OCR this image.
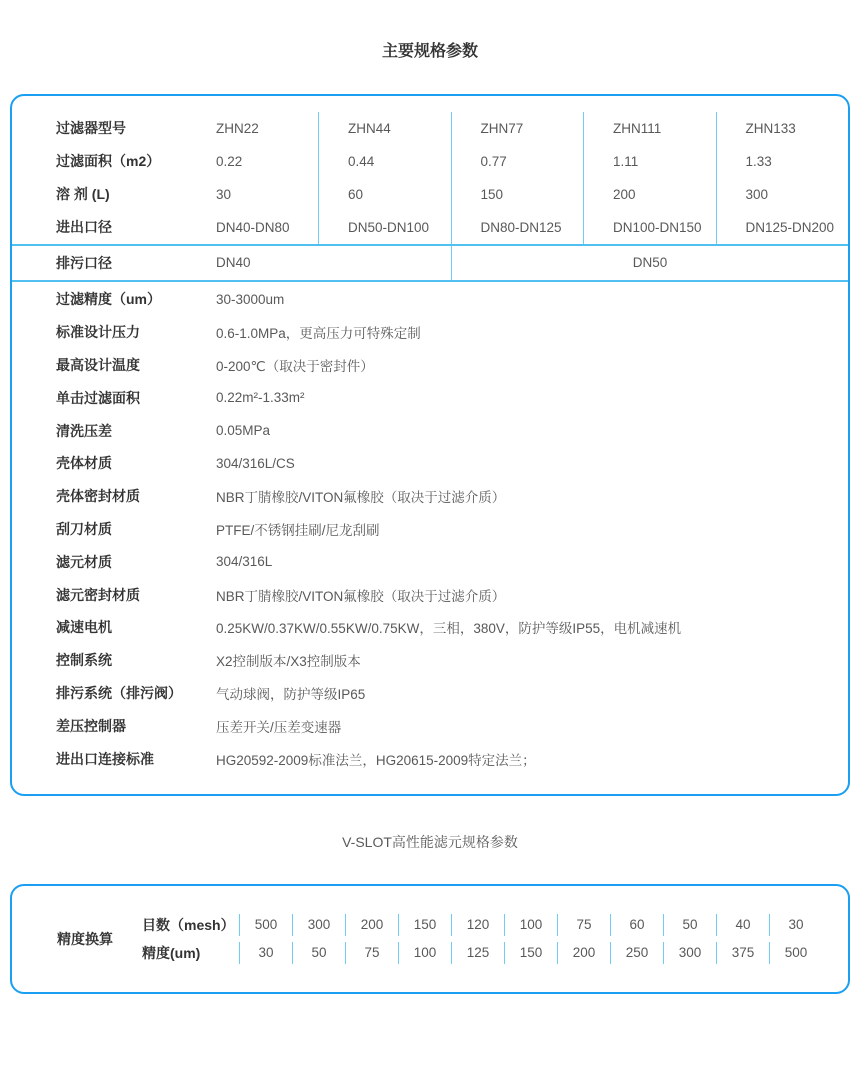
主要规格参数
过滤器型号	ZHN22	ZHN44	ZHN77	ZHN111	ZHN133
过滤面积（m2）	0.22	0.44	0.77	1.11	1.33
溶 剂 (L)	30	60	150	200	300
进出口径	DN40-DN80	DN50-DN100	DN80-DN125	DN100-DN150	DN125-DN200
排污口径	DN40	DN50
过滤精度（um）	30-3000um
标准设计压力	0.6-1.0MPa，更高压力可特殊定制
最高设计温度	0-200℃（取决于密封件）
单击过滤面积	0.22m²-1.33m²
清洗压差	0.05MPa
壳体材质	304/316L/CS
壳体密封材质	NBR丁腈橡胶/VITON氟橡胶（取决于过滤介质）
刮刀材质	PTFE/不锈钢挂刷/尼龙刮刷
滤元材质	304/316L
滤元密封材质	NBR丁腈橡胶/VITON氟橡胶（取决于过滤介质）
减速电机	0.25KW/0.37KW/0.55KW/0.75KW，三相，380V，防护等级IP55，电机减速机
控制系统	X2控制版本/X3控制版本
排污系统（排污阀）	气动球阀，防护等级IP65
差压控制器	压差开关/压差变速器
进出口连接标准	HG20592-2009标准法兰，HG20615-2009特定法兰；
V-SLOT高性能滤元规格参数
精度换算
目数（mesh）	500	300	200	150	120	100	75	60	50	40	30
精度(um)	30	50	75	100	125	150	200	250	300	375	500
